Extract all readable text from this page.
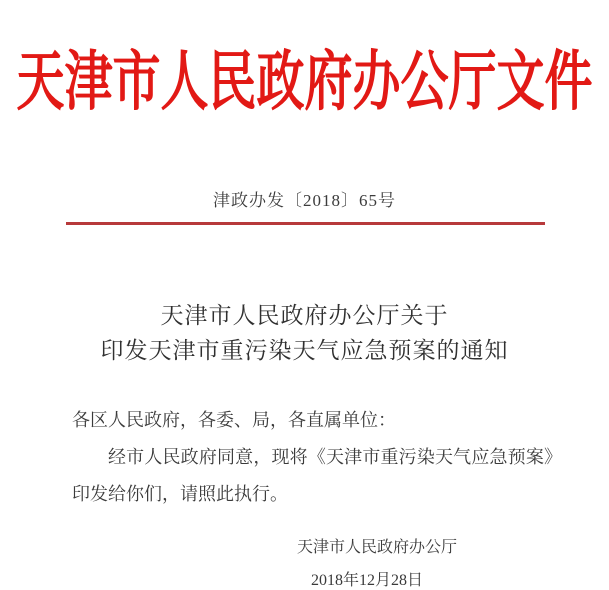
天津市人民政府办公厅文件
津政办发〔2018〕65号
天津市人民政府办公厅关于
印发天津市重污染天气应急预案的通知
各区人民政府，各委、局，各直属单位：

经市人民政府同意，现将《天津市重污染天气应急预案》印发给你们，请照此执行。

天津市人民政府办公厅
2018年12月28日
